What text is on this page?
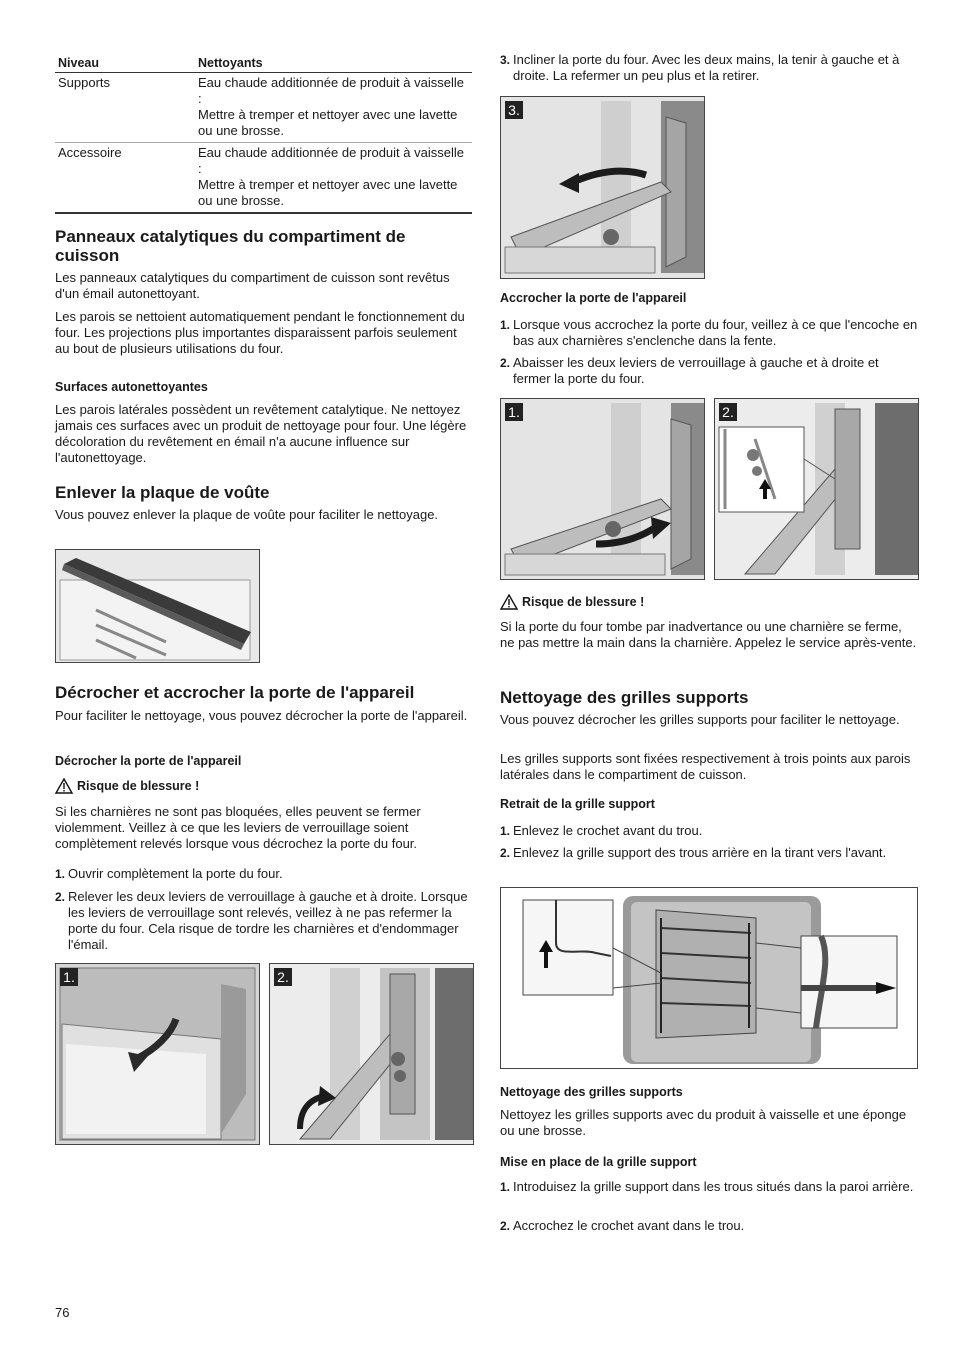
Niveau	Nettoyants
Supports	Eau chaude additionnée de produit à vaisselle :
Mettre à tremper et nettoyer avec une lavette ou une brosse.
Accessoire	Eau chaude additionnée de produit à vaisselle :
Mettre à tremper et nettoyer avec une lavette ou une brosse.
Panneaux catalytiques du compartiment de cuisson

Les panneaux catalytiques du compartiment de cuisson sont revêtus d'un émail autonettoyant.

Les parois se nettoient automatiquement pendant le fonctionnement du four. Les projections plus importantes disparaissent parfois seulement au bout de plusieurs utilisations du four.

Surfaces autonettoyantes

Les parois latérales possèdent un revêtement catalytique. Ne nettoyez jamais ces surfaces avec un produit de nettoyage pour four. Une légère décoloration du revêtement en émail n'a aucune influence sur l'autonettoyage.

Enlever la plaque de voûte

Vous pouvez enlever la plaque de voûte pour faciliter le nettoyage.

Décrocher et accrocher la porte de l'appareil

Pour faciliter le nettoyage, vous pouvez décrocher la porte de l'appareil.

Décrocher la porte de l'appareil
Risque de blessure !

Si les charnières ne sont pas bloquées, elles peuvent se fermer violemment. Veillez à ce que les leviers de verrouillage soient complètement relevés lorsque vous décrochez la porte du four.

1. Ouvrir complètement la porte du four.
2. Relever les deux leviers de verrouillage à gauche et à droite. Lorsque les leviers de verrouillage sont relevés, veillez à ne pas refermer la porte du four. Cela risque de tordre les charnières et d'endommager l'émail.
1.	2.
3. Incliner la porte du four. Avec les deux mains, la tenir à gauche et à droite. La refermer un peu plus et la retirer.
3.
Accrocher la porte de l'appareil
1. Lorsque vous accrochez la porte du four, veillez à ce que l'encoche en bas aux charnières s'enclenche dans la fente.
2. Abaisser les deux leviers de verrouillage à gauche et à droite et fermer la porte du four.
1.	2.
Risque de blessure !

Si la porte du four tombe par inadvertance ou une charnière se ferme, ne pas mettre la main dans la charnière. Appelez le service après-vente.

Nettoyage des grilles supports

Vous pouvez décrocher les grilles supports pour faciliter le nettoyage.

Les grilles supports sont fixées respectivement à trois points aux parois latérales dans le compartiment de cuisson.

Retrait de la grille support
1. Enlevez le crochet avant du trou.
2. Enlevez la grille support des trous arrière en la tirant vers l'avant.
Nettoyage des grilles supports

Nettoyez les grilles supports avec du produit à vaisselle et une éponge ou une brosse.

Mise en place de la grille support
1. Introduisez la grille support dans les trous situés dans la paroi arrière.
2. Accrochez le crochet avant dans le trou.
76
